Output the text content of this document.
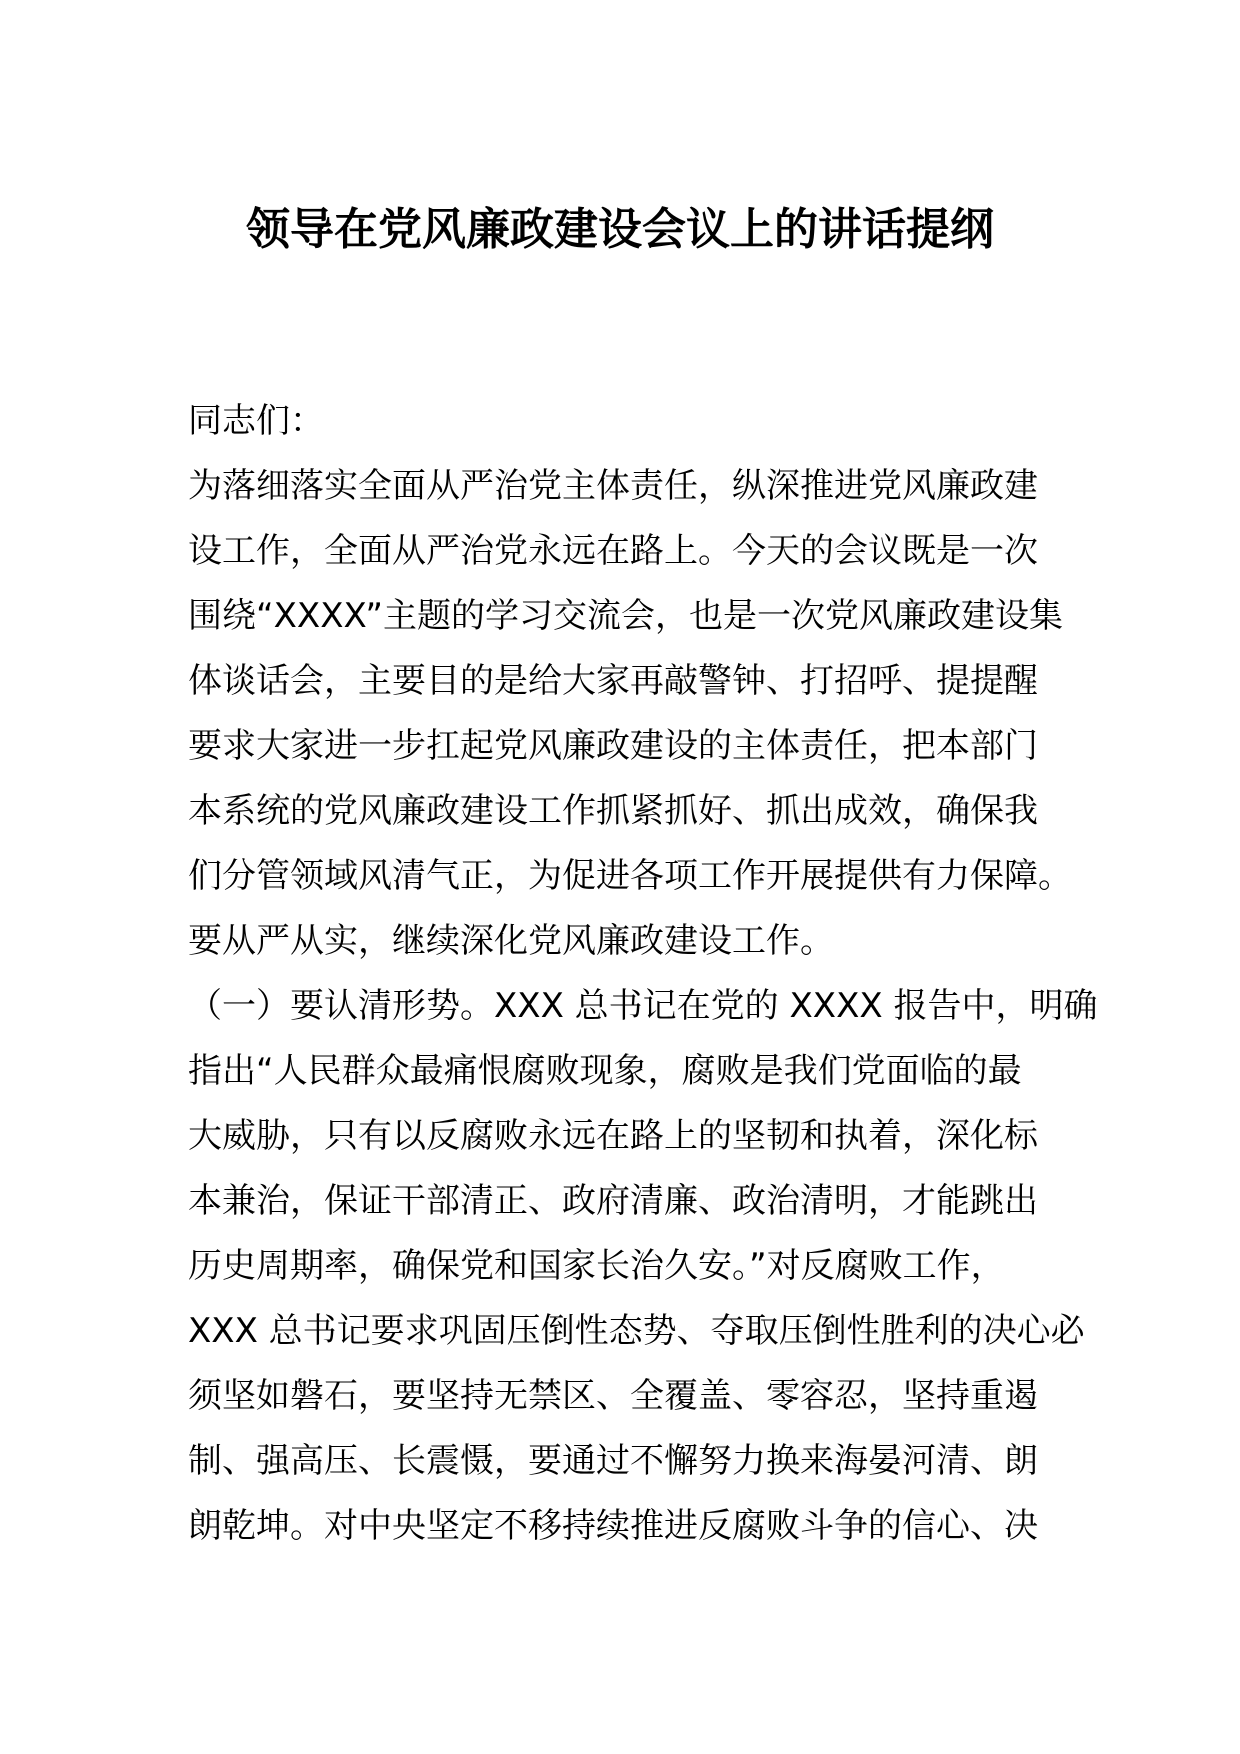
领导在党风廉政建设会议上的讲话提纲
同志们：
为落细落实全面从严治党主体责任，纵深推进党风廉政建
设工作，全面从严治党永远在路上。今天的会议既是一次
围绕“XXXX”主题的学习交流会，也是一次党风廉政建设集
体谈话会，主要目的是给大家再敲警钟、打招呼、提提醒
要求大家进一步扛起党风廉政建设的主体责任，把本部门
本系统的党风廉政建设工作抓紧抓好、抓出成效，确保我
们分管领域风清气正，为促进各项工作开展提供有力保障。
要从严从实，继续深化党风廉政建设工作。
（一）要认清形势。XXX 总书记在党的 XXXX 报告中，明确
指出“人民群众最痛恨腐败现象，腐败是我们党面临的最
大威胁，只有以反腐败永远在路上的坚韧和执着，深化标
本兼治，保证干部清正、政府清廉、政治清明，才能跳出
历史周期率，确保党和国家长治久安。”对反腐败工作，
XXX 总书记要求巩固压倒性态势、夺取压倒性胜利的决心必
须坚如磐石，要坚持无禁区、全覆盖、零容忍，坚持重遏
制、强高压、长震慑，要通过不懈努力换来海晏河清、朗
朗乾坤。对中央坚定不移持续推进反腐败斗争的信心、决
